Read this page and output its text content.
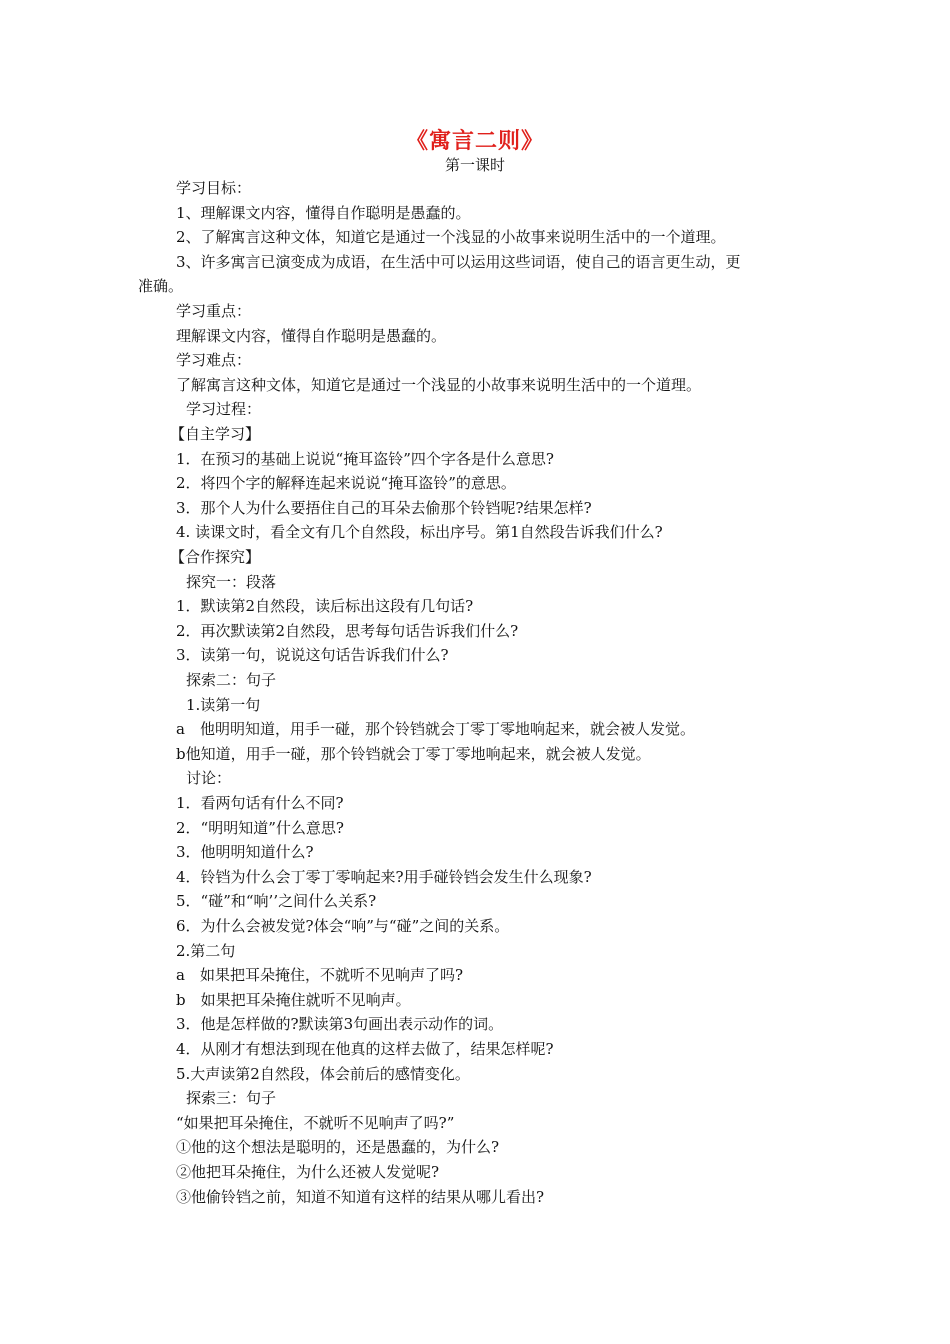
《寓言二则》
第一课时
学习目标：
1、理解课文内容，懂得自作聪明是愚蠢的。
2、了解寓言这种文体，知道它是通过一个浅显的小故事来说明生活中的一个道理。
3、许多寓言已演变成为成语，在生活中可以运用这些词语，使自己的语言更生动，更
准确。
学习重点：
理解课文内容，懂得自作聪明是愚蠢的。
学习难点：
了解寓言这种文体，知道它是通过一个浅显的小故事来说明生活中的一个道理。
学习过程：
【自主学习】
1．在预习的基础上说说“掩耳盗铃”四个字各是什么意思?
2．将四个字的解释连起来说说“掩耳盗铃”的意思。
3．那个人为什么要捂住自己的耳朵去偷那个铃铛呢?结果怎样?
4. 读课文时，看全文有几个自然段，标出序号。第1自然段告诉我们什么?
【合作探究】
探究一：段落
1．默读第2自然段，读后标出这段有几句话?
2．再次默读第2自然段，思考每句话告诉我们什么?
3．读第一句，说说这句话告诉我们什么?
探索二：句子
1.读第一句
a　他明明知道，用手一碰，那个铃铛就会丁零丁零地响起来，就会被人发觉。
b他知道，用手一碰，那个铃铛就会丁零丁零地响起来，就会被人发觉。
讨论：
1．看两句话有什么不同?
2．“明明知道”什么意思?
3．他明明知道什么?
4．铃铛为什么会丁零丁零响起来?用手碰铃铛会发生什么现象?
5．“碰”和“响’’之间什么关系?
6．为什么会被发觉?体会“响”与“碰”之间的关系。
2.第二句
a　如果把耳朵掩住，不就听不见响声了吗?
b　如果把耳朵掩住就听不见响声。
3．他是怎样做的?默读第3句画出表示动作的词。
4．从刚才有想法到现在他真的这样去做了，结果怎样呢?
5.大声读第2自然段，体会前后的感情变化。
探索三：句子
“如果把耳朵掩住，不就听不见响声了吗?”
①他的这个想法是聪明的，还是愚蠢的，为什么?
②他把耳朵掩住，为什么还被人发觉呢?
③他偷铃铛之前，知道不知道有这样的结果从哪儿看出?
